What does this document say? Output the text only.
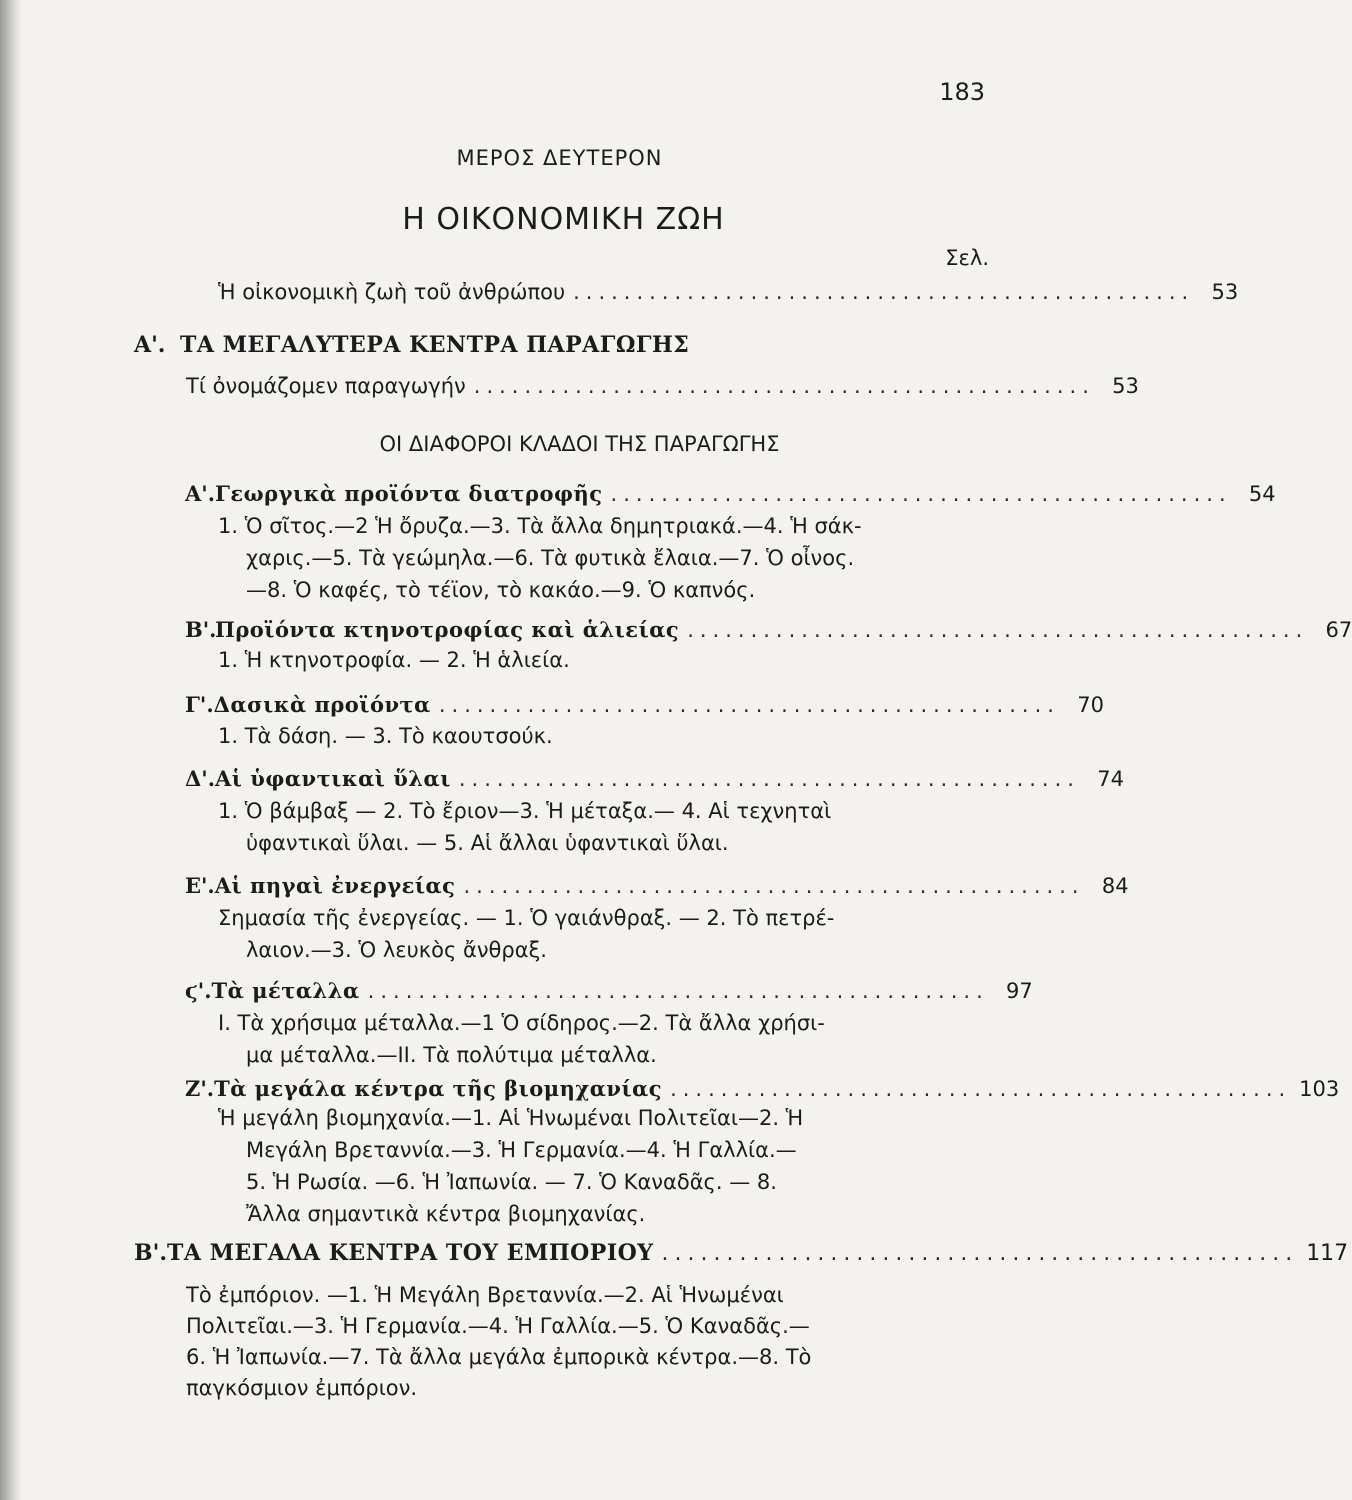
183
ΜΕΡΟΣ ΔΕΥΤΕΡΟΝ
Η ΟΙΚΟΝΟΜΙΚΗ ΖΩΗ
Σελ.
Ἡ οἰκονομικὴ ζωὴ τοῦ ἀνθρώπου ................................................. 53
Α'. ΤΑ ΜΕΓΑΛΥΤΕΡΑ ΚΕΝΤΡΑ ΠΑΡΑΓΩΓΗΣ
Τί ὀνομάζομεν παραγωγήν ................................................. 53
ΟΙ ΔΙΑΦΟΡΟΙ ΚΛΑΔΟΙ ΤΗΣ ΠΑΡΑΓΩΓΗΣ
Α'. Γεωργικὰ προϊόντα διατροφῆς ................................................. 54
1. Ὁ σῖτος.—2 Ἡ ὄρυζα.—3. Τὰ ἄλλα δημητριακά.—4. Ἡ σάκ-
χαρις.—5. Τὰ γεώμηλα.—6. Τὰ φυτικὰ ἔλαια.—7. Ὁ οἶνος.
—8. Ὁ καφές, τὸ τέϊον, τὸ κακάο.—9. Ὁ καπνός.
Β'.
Προϊόντα κτηνοτροφίας καὶ ἁλιείας ................................................. 67
1. Ἡ κτηνοτροφία. — 2. Ἡ ἁλιεία.
Γ'. Δασικὰ προϊόντα ................................................. 70
1. Τὰ δάση. — 3. Τὸ καουτσούκ.
Δ'. Αἱ ὑφαντικαὶ ὕλαι ................................................. 74
1. Ὁ βάμβαξ — 2. Τὸ ἔριον—3. Ἡ μέταξα.— 4. Αἱ τεχνηταὶ
ὑφαντικαὶ ὕλαι. — 5. Αἱ ἄλλαι ὑφαντικαὶ ὕλαι.
Ε'. Αἱ πηγαὶ ἐνεργείας ................................................. 84
Σημασία τῆς ἐνεργείας. — 1. Ὁ γαιάνθραξ. — 2. Τὸ πετρέ-
λαιον.—3. Ὁ λευκὸς ἄνθραξ.
ϛ'. Τὰ μέταλλα ................................................. 97
Ι. Τὰ χρήσιμα μέταλλα.—1 Ὁ σίδηρος.—2. Τὰ ἄλλα χρήσι-
μα μέταλλα.—ΙΙ. Τὰ πολύτιμα μέταλλα.
Ζ'. Τὰ μεγάλα κέντρα τῆς βιομηχανίας ................................................. 103
Ἡ μεγάλη βιομηχανία.—1. Αἱ Ἡνωμέναι Πολιτεῖαι—2. Ἡ
Μεγάλη Βρεταννία.—3. Ἡ Γερμανία.—4. Ἡ Γαλλία.—
5. Ἡ Ρωσία. —6. Ἡ Ἰαπωνία. — 7. Ὁ Καναδᾶς. — 8.
Ἄλλα σημαντικὰ κέντρα βιομηχανίας.
Β'. ΤΑ ΜΕΓΑΛΑ ΚΕΝΤΡΑ ΤΟΥ ΕΜΠΟΡΙΟΥ ................................................. 117
Τὸ ἐμπόριον. —1. Ἡ Μεγάλη Βρεταννία.—2. Αἱ Ἡνωμέναι
Πολιτεῖαι.—3. Ἡ Γερμανία.—4. Ἡ Γαλλία.—5. Ὁ Καναδᾶς.—
6. Ἡ Ἰαπωνία.—7. Τὰ ἄλλα μεγάλα ἐμπορικὰ κέντρα.—8. Τὸ
παγκόσμιον ἐμπόριον.
